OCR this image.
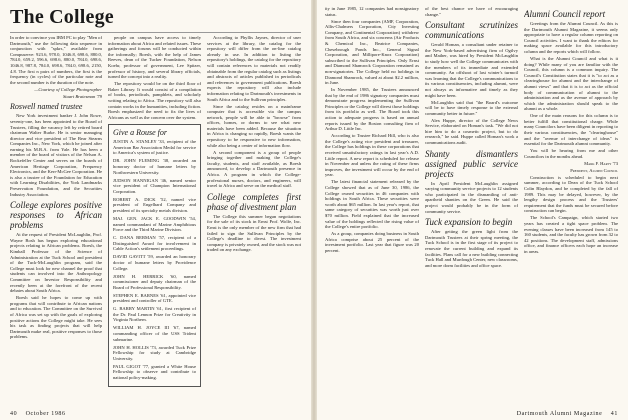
The College

In order to convince you IBM PC to play "Men of Dartmouth," use the following data sequence in conjunction with "spkrs," available from Compuserve: 923.6, 978.0, 1046.8, 698.6, 880.0, 784.0, 659.2, 596.6, 698.6, 880.0, 784.0, 698.6, 1046.8, 987.8, 784.0, 698.6, 784.0, 698.6, 2150, 4.8. The first n pairs of numbers, the first is the frequency (in cycles) of the particular note and the second number is the duration of the note.

—Courtesy of College Photographer

Stuart Bratesman '79

Roswell named trustee

New York investment banker J. John Rowe, seventy-one, has been appointed to the Board of Trustees, filling the vacancy left by retired board chairman Walter Burke. He is senior managing director and vice president of The Bear Stearns Companies Inc., New York, which he joined after earning his M.B.A. from Yale. He has been a member of the board of visitors of the Nelson A. Rockefeller Center and serves on the boards of American Heritage Corporation, Frequency Electronics, and the Kerr-McGee Corporation. He is also a trustee of the Foundation for Education with Learning Disabilities, the York Landmarks Preservation Foundation, and the Securities Industry Association.

College explores positive responses to African problems

At the request of President McLaughlin, Prof. Wayne Bosh has begun exploring educational projects relating to African problems. Boesh, the Kimball Professor of the Science of Administration at the Tuck School and president of the Tuck-McLaughlin program, said the College must look for new channel the proof that students can involved into the Anthropology Committee on Investor Responsibility and recently been at the forefront of the recent debates about South Africa.

Boesh said he hopes to come up with programs that will contribute to African nations and to education. The Committee on the Survival of Africa was set up with the goals of exploring positive actions the College might take. He sees his task as finding projects that will help Dartmouth make real, positive responses to those problems.

people on campus have access to timely information about Africa and related issues. These gatherings and forums will be conducted within the informally; Boesh, with the help of James Reeves, dean of the Tucker Foundation, Nelson Koehr, professor of government, Lee Spitzer, professor of history, and several library officials, turned the concept into a reality.

The repository would be on the third floor of Baker Library. It would consist of a compilation of books, periodicals, pamphlets, and scholarly writing relating to Africa. The repository will also contain works in the humanities, including fiction. Boesh emphasized the need to fix the lives of Africans as well as the concern over the system.

Give a Rouse for

JUSTIN A. STANLEY '33, recipient of the American Bar Association Medal for service to America's system of justice.

DR. JOHN FLEMING '38, awarded an honorary doctor of humane letters by Northwestern University.

JUDSON HANNIGAN '46, named senior vice president of Champion International Corporation.

ROBERT A. DICK '52, named vice president of Engelhard Company and president of its specialty metals division.

MAJ. GEN. JACK E. GOODWIN '54, named commandant of Marine Amphibious Force and the Third Marine Division.

C. DANA BERMAN '57, recipient of a Distinguished Award for involvement in Cable Action's settlement proceedings.

DAVID GAVITT '59, awarded an honorary doctor of humane letters by Providence College.

JOHN H. HERRICK '60, named commissioner and deputy chairman of the Board of Professional Responsibility.

STEPHEN E. BARNES '61, appointed vice president and controller of GTE.

G. BARRY MARTIN '61, first recipient of the Dr. Paul Lennon Prize for Creativity in Virginia Northern.

WILLIAM H. JOYCE III '67, named commanding officer of the USS Trident submarine.

JOHN H. HOLLIS '73, awarded Tuck Prize Fellowship for study at Cambridge University.

PAUL GIGOT '77, granted a White House Fellowship to observe and contribute to national policy-making.

According to Phyllis Jaynes, director of user services at the library, the catalog for the repository will differ from the on-line catalog already in use. In addition to listing the repository's holdings, the catalog for the repository will contain references to materials not readily obtainable from the regular catalog such as listings and abstracts of articles published in periodicals and references to government publications. Boesh expects the repository will also include information relating to Dartmouth's investments in South Africa and to the Sullivan principles.

Since the catalog resides on a mainframe computer that is accessible via the campus network, people will be able to "browse" from offices, homes, or dorms to see what new materials have been added. Because the situation in Africa is changing so rapidly, Boesh wants the repository to be responsive to new information, while also being a center of information flow.

A second component is a group of people bringing together and making the College's faculty, students, and staff available, as Boesh announced, to develop a Dartmouth presence in Africa. A program in which the College-professional nurses, doctors, and engineers, will travel to Africa and serve on the medical staff.

College completes first phase of divestment plan

The College this summer began negotiations for the sale of its stock in Ernst Prof. Wolfe, Inc. Ernst is the only member of the new firm that had failed to sign the Sullivan Principles by the College's deadline to divest. The investment company is privately owned, and the stock was not traded on any exchange.

40 October 1986

ity in June 1985, 12 companies had nonsignatory status.

Since then four companies (AMF, Corporation, Allis-Chalmers Corporation, City Investing Company, and Continental Corporation) withdrew from South Africa, and six concerns (Air Products & Chemical Inc., Beatrice Companies, Chesebrough Ponds Inc., General Signal Corporation, and Millipore-Knox Corporation) subscribed to the Sullivan Principles. Only Ernst and Diamond Shamrock Corporation remained as non-signatories. The College held no holdings in Diamond Shamrock, valued at about $2.2 million, in June.

In November 1985, the Trustees announced that by the end of 1986 signatory companies must demonstrate progress implementing the Sullivan Principles or the College will divest those holdings from its portfolio as well. The Board took this action to adequate progress is based on annual reports issued by the Boston consulting firm of Arthur D. Little Inc.

According to Trustee Richard Hill, who is also the College's acting vice president and treasurer, the College has holdings in these corporations that received unsatisfactory ratings in last year's A.D. Little report. A new report is scheduled for release in November and unless the rating of these firms improves, the investment will occur by the end of year.

The latest financial statement released by the College showed that as of June 30, 1986, the College owned securities in 46 companies with holdings in South Africa. These securities were worth about $65 million. In last year's report, that same category of securities was worth just over $70 million. Field explained that the increased value of the holdings reflected the rising value of the College's entire portfolio.

As a group, companies doing business in South Africa comprise about 25 percent of the investment portfolio. Last year that figure was 20 percent.

of the best chance we have of encouraging change."

Consultant scrutinizes communications

Gerald Homan, a consultant under retainer to the New York-based advertising firm of Ogilvy and Mather, was hired by President McLaughlin to study how well the College communicates with the members of its immediate and extended community. An offshoot of last winter's turmoil was learning that the College's communications to its various constituencies, including alumni, were not always as informative and timely as they might have been.

McLaughlin said that "the Board's outcome will be to have timely response to the external community better in future."

Alex Huppe, director of the College News Service, elaborated on Homan's task. "We did not hire him to do a cosmetic project, but to do research," he said. Huppe called Homan's work a communications audit.

Shanty dismantlers assigned public service projects

In April President McLaughlin assigned varying community service projects to 12 students who participated in the dismantling of anti-apartheid shanties on the Green. He said the project would probably be in the form of community service.

Tuck expansion to begin

After getting the green light from the Dartmouth Trustees at their spring meeting, the Tuck School is in the first stage of its project to renovate the current building and expand its facilities. Plans call for a new building connecting Tuck Hall and Murdough Center, new classrooms, and more dorm facilities and office space.

Alumni Council report

Greetings from the Alumni Council. As this is the Dartmouth Alumni Magazine, it seems only appropriate to have a regular column reporting on Council activities. I want to thank the editors for making space available for this introductory column and the reports which will follow.

What is the Alumni Council and what is it doing? While many of you are familiar with the Council, this column is a common inquiry. The Council's Constitution states that it is "to act as a clearinghouse for alumni and the interchange of alumni views" and that it is to act as the official body of communication of alumni to the administration and as the avenue of approach by which the administration should speak to the alumni as a whole.

One of the main reasons for this column is to better fulfill that constitutional charge. While many Councilors have been diligent in reporting to their various constituencies, the "clearinghouse" and the "avenue of interchange of ideas" is essential for the Dartmouth alumni community.

You will be hearing from me and other Councilors in the months ahead.

Mark F. Harty '73

President, Alumni Council

Construction is scheduled to begin next summer, according to Dean of the Tuck School Colin Blaydon, and be completed by the fall of 1989. This may be delayed, however, by the lengthy design process and the Trustees' requirement that the funds must be secured before construction can begin.

The School's Campaign, which started two years has created a tight space problem. The evening classes have been increased from 145 to 160 students, and the faculty has grown from 32 to 42 positions. The development staff, admissions office, and finance officers each hope an increase in areas.

Dartmouth Alumni Magazine 41
